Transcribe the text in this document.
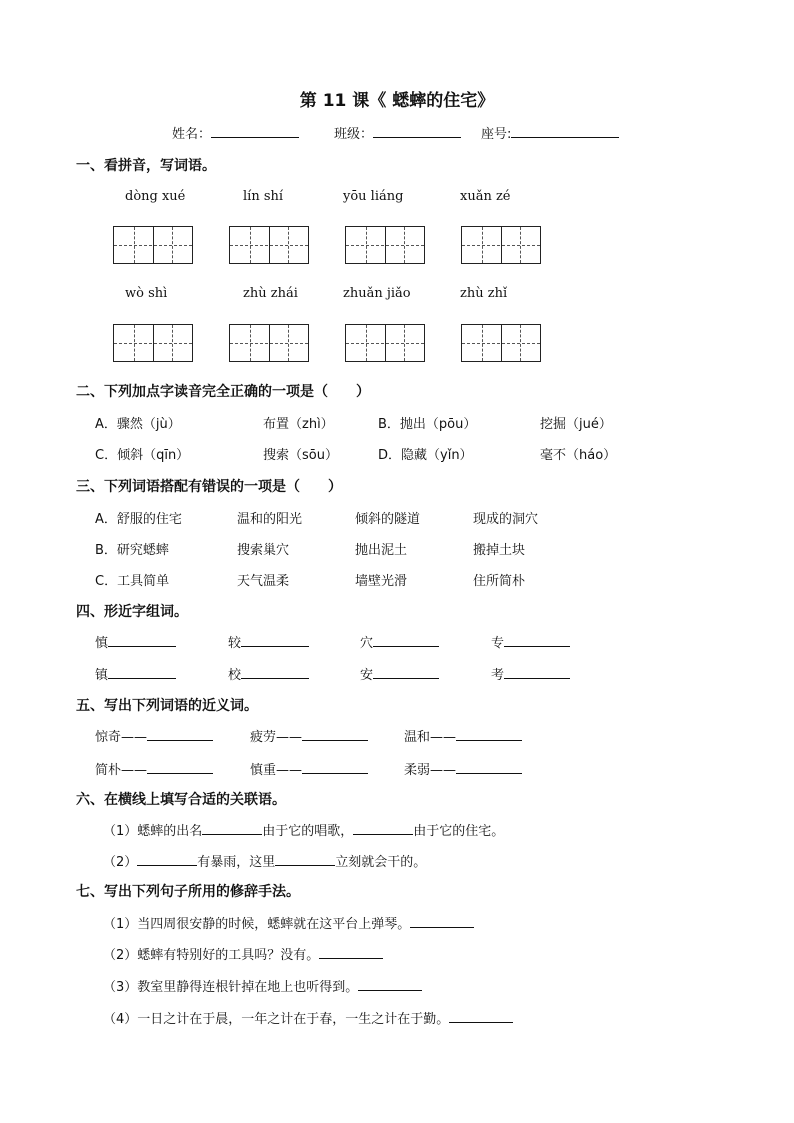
第 11 课《 蟋蟀的住宅》
姓名：	班级：	座号:
一、看拼音，写词语。
dòng xué	lín shí	yōu liáng	xuǎn zé
wò shì	zhù zhái	zhuǎn jiǎo	zhù zhǐ
二、下列加点字读音完全正确的一项是（　　）
A．骤然（jù）	布置（zhì）	B．抛出（pōu）	挖掘（jué）
C．倾斜（qīn）	搜索（sōu）	D．隐藏（yǐn）	毫不（háo）
三、下列词语搭配有错误的一项是（　　）
A．舒服的住宅	温和的阳光	倾斜的隧道	现成的洞穴
B．研究蟋蟀	搜索巢穴	抛出泥土	搬掉土块
C．工具简单	天气温柔	墙壁光滑	住所简朴
四、形近字组词。
慎	较	穴	专
镇	校	安	考
五、写出下列词语的近义词。
惊奇——	疲劳——	温和——
简朴——	慎重——	柔弱——
六、在横线上填写合适的关联语。
（1）蟋蟀的出名	由于它的唱歌，	由于它的住宅。
（2）	有暴雨，这里	立刻就会干的。
七、写出下列句子所用的修辞手法。
（1）当四周很安静的时候，蟋蟀就在这平台上弹琴。
（2）蟋蟀有特别好的工具吗？没有。
（3）教室里静得连根针掉在地上也听得到。
（4）一日之计在于晨，一年之计在于春，一生之计在于勤。
